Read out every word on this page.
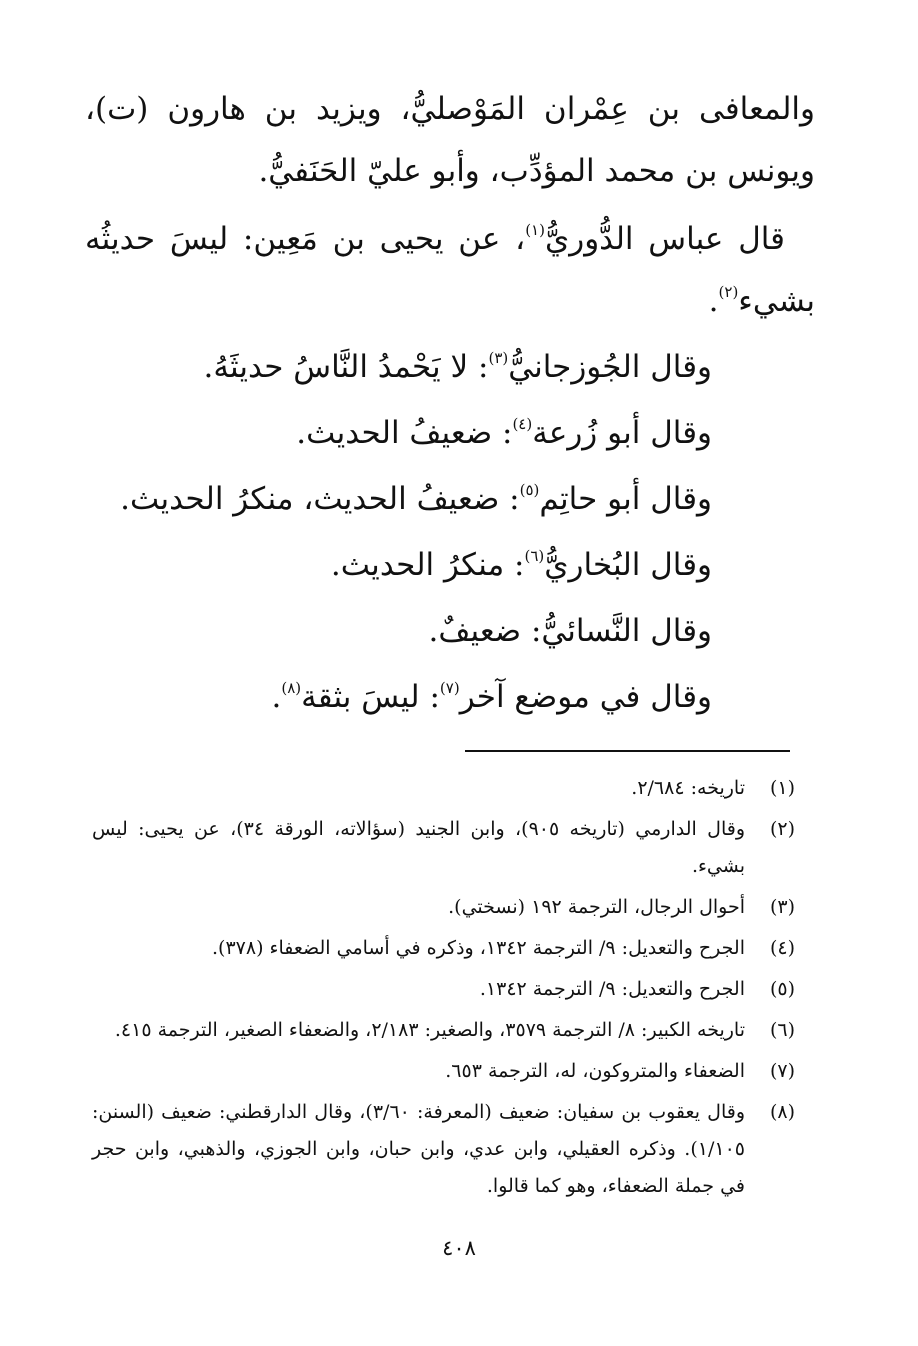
والمعافى بن عِمْران المَوْصليُّ، ويزيد بن هارون (ت)، ويونس بن محمد المؤدِّب، وأبو عليّ الحَنَفيُّ.

قال عباس الدُّوريُّ$^{(١)}$، عن يحيى بن مَعِين: ليسَ حديثُه بشيء$^{(٢)}$.

وقال الجُوزجانيُّ$^{(٣)}$: لا يَحْمدُ النَّاسُ حديثَهُ.

وقال أبو زُرعة$^{(٤)}$: ضعيفُ الحديث.

وقال أبو حاتِم$^{(٥)}$: ضعيفُ الحديث، منكرُ الحديث.

وقال البُخاريُّ$^{(٦)}$: منكرُ الحديث.

وقال النَّسائيُّ: ضعيفٌ.

وقال في موضع آخر$^{(٧)}$: ليسَ بثقة$^{(٨)}$.

(١)
تاريخه: ٢/٦٨٤.
(٢)
وقال الدارمي (تاريخه ٩٠٥)، وابن الجنيد (سؤالاته، الورقة ٣٤)، عن يحيى: ليس بشيء.
(٣)
أحوال الرجال، الترجمة ١٩٢ (نسختي).
(٤)
الجرح والتعديل: ٩/ الترجمة ١٣٤٢، وذكره في أسامي الضعفاء (٣٧٨).
(٥)
الجرح والتعديل: ٩/ الترجمة ١٣٤٢.
(٦)
تاريخه الكبير: ٨/ الترجمة ٣٥٧٩، والصغير: ٢/١٨٣، والضعفاء الصغير، الترجمة ٤١٥.
(٧)
الضعفاء والمتروكون، له، الترجمة ٦٥٣.
(٨)
وقال يعقوب بن سفيان: ضعيف (المعرفة: ٣/٦٠)، وقال الدارقطني: ضعيف (السنن: ١/١٠٥). وذكره العقيلي، وابن عدي، وابن حبان، وابن الجوزي، والذهبي، وابن حجر في جملة الضعفاء، وهو كما قالوا.
٤٠٨
